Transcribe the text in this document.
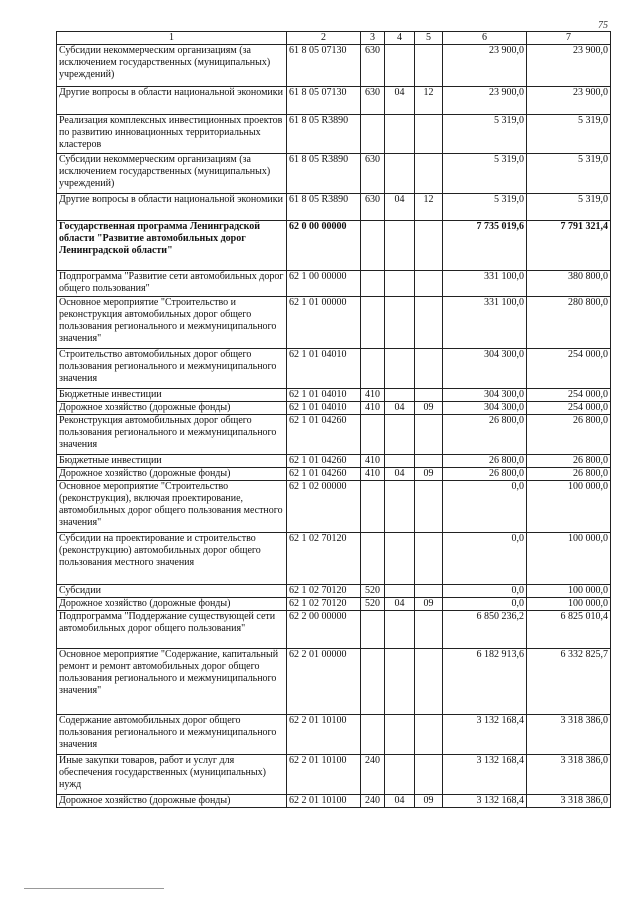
75
1	2	3	4	5	6	7
Субсидии некоммерческим организациям (за исключением государственных (муниципальных) учреждений)	61 8 05 07130	630			23 900,0	23 900,0
Другие вопросы в области национальной экономики	61 8 05 07130	630	04	12	23 900,0	23 900,0
Реализация комплексных инвестиционных проектов по развитию инновационных территориальных кластеров	61 8 05 R3890				5 319,0	5 319,0
Субсидии некоммерческим организациям (за исключением государственных (муниципальных) учреждений)	61 8 05 R3890	630			5 319,0	5 319,0
Другие вопросы в области национальной экономики	61 8 05 R3890	630	04	12	5 319,0	5 319,0
Государственная программа Ленинградской области "Развитие автомобильных дорог Ленинградской области"	62 0 00 00000				7 735 019,6	7 791 321,4
Подпрограмма "Развитие сети автомобильных дорог общего пользования"	62 1 00 00000				331 100,0	380 800,0
Основное мероприятие "Строительство и реконструкция автомобильных дорог общего пользования регионального и межмуниципального значения"	62 1 01 00000				331 100,0	280 800,0
Строительство автомобильных дорог общего пользования регионального и межмуниципального значения	62 1 01 04010				304 300,0	254 000,0
Бюджетные инвестиции	62 1 01 04010	410			304 300,0	254 000,0
Дорожное хозяйство (дорожные фонды)	62 1 01 04010	410	04	09	304 300,0	254 000,0
Реконструкция автомобильных дорог общего пользования регионального и межмуниципального значения	62 1 01 04260				26 800,0	26 800,0
Бюджетные инвестиции	62 1 01 04260	410			26 800,0	26 800,0
Дорожное хозяйство (дорожные фонды)	62 1 01 04260	410	04	09	26 800,0	26 800,0
Основное мероприятие "Строительство (реконструкция), включая проектирование, автомобильных дорог общего пользования местного значения"	62 1 02 00000				0,0	100 000,0
Субсидии на проектирование и строительство (реконструкцию) автомобильных дорог общего пользования местного значения	62 1 02 70120				0,0	100 000,0
Субсидии	62 1 02 70120	520			0,0	100 000,0
Дорожное хозяйство (дорожные фонды)	62 1 02 70120	520	04	09	0,0	100 000,0
Подпрограмма "Поддержание существующей сети автомобильных дорог общего пользования"	62 2 00 00000				6 850 236,2	6 825 010,4
Основное мероприятие "Содержание, капитальный ремонт и ремонт автомобильных дорог общего пользования регионального и межмуниципального значения"	62 2 01 00000				6 182 913,6	6 332 825,7
Содержание автомобильных дорог общего пользования регионального и межмуниципального значения	62 2 01 10100				3 132 168,4	3 318 386,0
Иные закупки товаров, работ и услуг для обеспечения государственных (муниципальных) нужд	62 2 01 10100	240			3 132 168,4	3 318 386,0
Дорожное хозяйство (дорожные фонды)	62 2 01 10100	240	04	09	3 132 168,4	3 318 386,0
